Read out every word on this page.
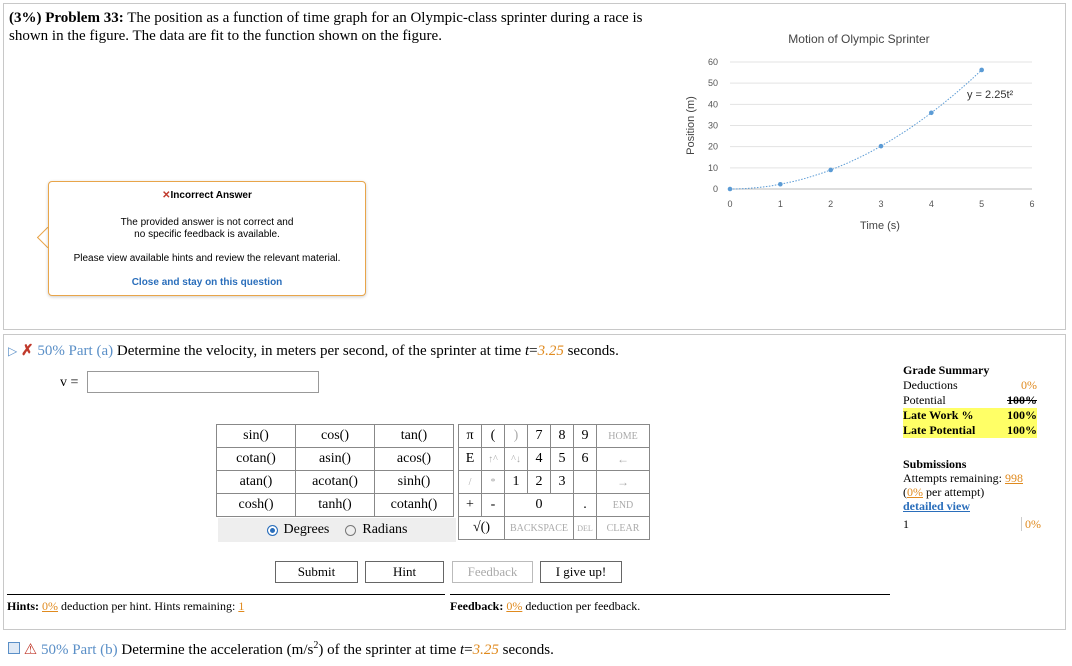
(3%) Problem 33: The position as a function of time graph for an Olympic-class sprinter during a race is shown in the figure. The data are fit to the function shown on the figure.	Motion of Olympic Sprinter
Position (m)
Time (s)
0
10
20
30
40
50
60
0	1	2	3	4	5	6
y = 2.25t²
✕Incorrect Answer
The provided answer is not correct and
no specific feedback is available.
Please view available hints and review the relevant material.
Close and stay on this question
▷ ✗ 50% Part (a) Determine the velocity, in meters per second, of the sprinter at time t=3.25 seconds.
v =
sin()	cos()	tan()
cotan()	asin()	acos()
atan()	acotan()	sinh()
cosh()	tanh()	cotanh()
Degrees Radians
π	(	)	7	8	9	HOME
E	↑^	^↓	4	5	6	←
/	*	1	2	3		→
+	-	0			.	END
√()		BACKSPACE			DEL	CLEAR
Submit	Hint	Feedback	I give up!
Hints: 0% deduction per hint. Hints remaining: 1	Feedback: 0% deduction per feedback.
Grade Summary
Deductions	0%
Potential	100%
Late Work %	100%
Late Potential	100%
Submissions
Attempts remaining: 998
(0% per attempt)
detailed view
1	0%
⚠ 50% Part (b) Determine the acceleration $(m/s^2)$ of the sprinter at time t=3.25 seconds.
